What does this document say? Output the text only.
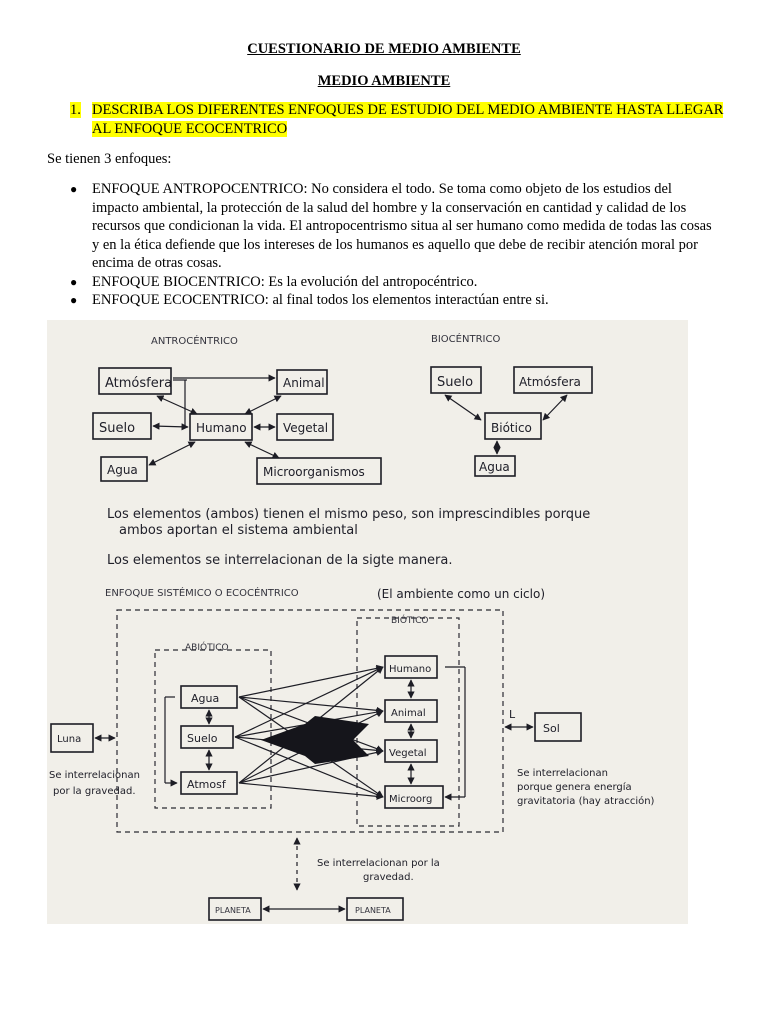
CUESTIONARIO DE MEDIO AMBIENTE
MEDIO AMBIENTE
1. DESCRIBA LOS DIFERENTES ENFOQUES DE ESTUDIO DEL MEDIO AMBIENTE HASTA LLEGAR AL ENFOQUE ECOCENTRICO

Se tienen 3 enfoques:

● ENFOQUE ANTROPOCENTRICO: No considera el todo. Se toma como objeto de los estudios del impacto ambiental, la protección de la salud del hombre y la conservación en cantidad y calidad de los recursos que condicionan la vida. El antropocentrismo situa al ser humano como medida de todas las cosas y en la ética defiende que los intereses de los humanos es aquello que debe de recibir atención moral por encima de otras cosas.
● ENFOQUE BIOCENTRICO: Es la evolución del antropocéntrico.
● ENFOQUE ECOCENTRICO: al final todos los elementos interactúan entre si.
ANTROCÉNTRICO
Atmósfera	Animal
Suelo	Humano	Vegetal
Agua	Microorganismos
BIOCÉNTRICO
Suelo	Atmósfera
Biótico
Agua
Los elementos (ambos) tienen el mismo peso, son imprescindibles porque
ambos aportan el sistema ambiental
Los elementos se interrelacionan de la sigte manera.
ENFOQUE SISTÉMICO O ECOCÉNTRICO	(El ambiente como un ciclo)
ABIÓTICO
BIÓTICO
Agua
Suelo
Atmosf
Humano
Animal
Vegetal
Microorg
Luna
Se interrelacionan
por la gravedad.
Sol
L
Se interrelacionan
porque genera energía
gravitatoria (hay atracción)
Se interrelacionan por la
gravedad.
PLANETA	PLANETA
